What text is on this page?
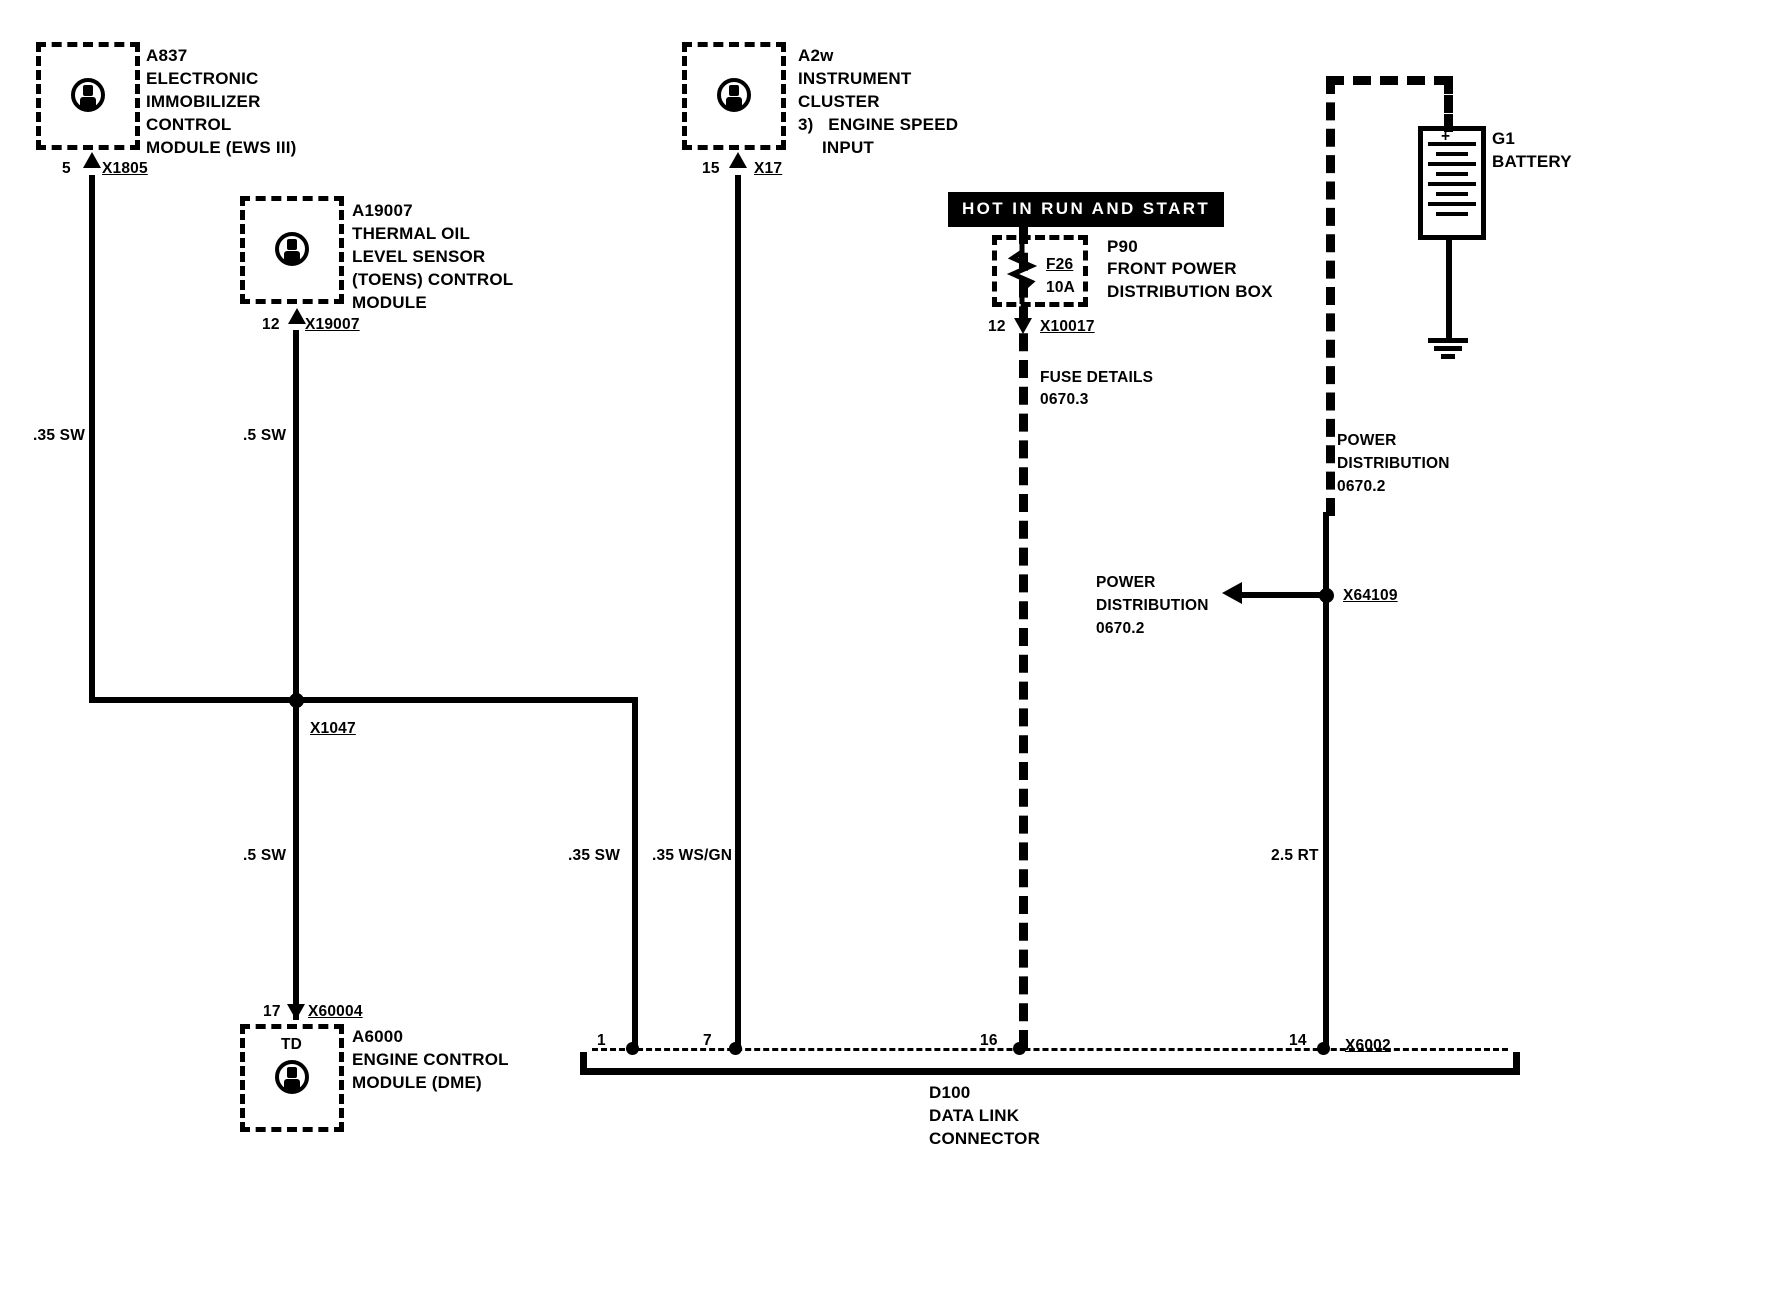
A837
ELECTRONIC
IMMOBILIZER
CONTROL
MODULE (EWS III)
5 X1805
.35 SW
A19007
THERMAL OIL
LEVEL SENSOR
(TOENS) CONTROL
MODULE
12 X19007
.5 SW
.5 SW
X1047
.35 SW
17 X60004
TD	A6000
ENGINE CONTROL
MODULE (DME)
A2w
INSTRUMENT
CLUSTER
3)   ENGINE SPEED
INPUT
15 X17
.35 WS/GN
HOT IN RUN AND START
F26
10A
P90
FRONT POWER
DISTRIBUTION BOX
12 X10017
FUSE DETAILS
0670.3
+ G1
BATTERY
POWER
DISTRIBUTION
0670.2
X64109
POWER
DISTRIBUTION
0670.2
2.5 RT
1	7	16	14 X6002
D100
DATA LINK
CONNECTOR
